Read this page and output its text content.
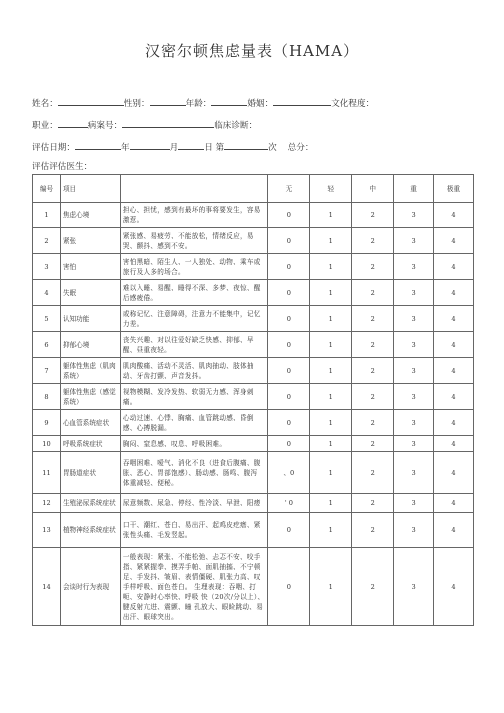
汉密尔顿焦虑量表（HAMA）
姓名：	性别：	年龄：	婚姻：	文化程度：
职业：	病案号：	临床诊断：
评估日期：	年	月	日 第	次 总分：
评估评估医生：
编号	项目		无	轻	中	重	极重
1	焦虑心境	担心、担忧，感到有最坏的事将要发生，容易 激惹。	0	1	2	3	4
2	紧张	紧张感、易疲劳、不能放松，情绪反应，易哭、颤抖、感到不安。	0	1	2	3	4
3	害怕	害怕黑暗、陌生人、一人独处、动物、乘车或 旅行及人多的场合。	0	1	2	3	4
4	失眠	难以入睡、易醒、睡得不深、多梦、夜惊、醒 后感疲倦。	0	1	2	3	4
5	认知功能	或称记忆、注意障碍，注意力不能集中，记忆 力差。	0	1	2	3	4
6	抑郁心境	丧失兴趣、对以往爱好缺乏快感、抑郁、早醒、昼重夜轻。	0	1	2	3	4
7	躯体性焦虑（肌肉系统）	肌肉酸痛、活动不灵活、肌肉抽动、肢体抽动、牙齿打颤、声音发抖。	0	1	2	3	4
8	躯体性焦虑（感觉系统）	视物模糊、发冷发热、软弱无力感、浑身刺痛。	0	1	2	3	4
9	心血管系统症状	心动过速、心悸、胸痛、血管跳动感、昏倒感、心搏脱漏。	0	1	2	3	4
10	呼吸系统症状	胸闷、窒息感、叹息、呼吸困难。	0	1	2	3	4
11	胃肠道症状	吞咽困难、嗳气、消化不良（进食后腹痛、腹 胀、恶心、胃部饱感）、肠动感、肠鸣、腹泻 体重减轻、便秘。	、0	1	2	3	4
12	生殖泌尿系统症状	尿意频数、尿急、停经、性冷淡、早泄、阳痿	' 0	1	2	3	4
13	植物神经系统症状	口干、潮红、苍白、易出汗、起鸡皮疙瘩、紧 张性头痛、毛发竖起。	0	1	2	3	4
14	会谈时行为表现	一般表现：紧张、不能松弛、忐忑不安、咬手 指、紧紧握拳、摸弄手帕、面肌抽搐、不宁顿 足、手发抖、皱眉、表情僵硬、肌张力高、叹 手样呼吸、面色苍白。 生理表现：吞咽、打呃、安静时心率快、呼吸 快（20次/分以上）、腱反射亢进、震颤、瞳 孔放大、眼睑跳动、易出汗、眼球突出。	0	1	2	3	4
